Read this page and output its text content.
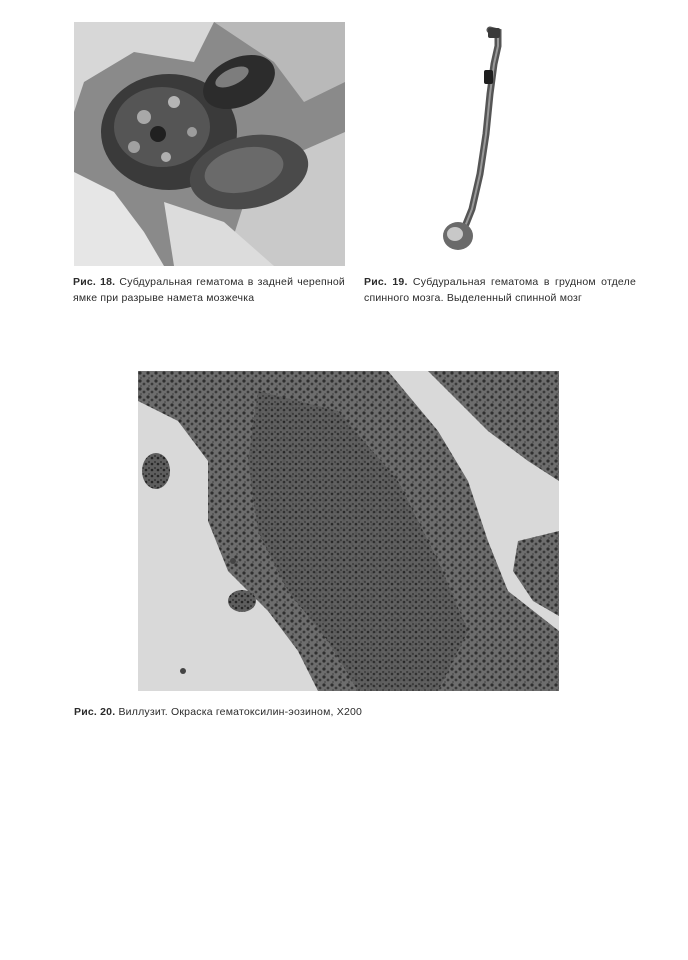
Рис. 18. Субдуральная гематома в задней черепной ямке при разрыве намета мозжечка
Рис. 19. Субдуральная гематома в грудном отделе спинного мозга. Выделенный спинной мозг
Рис. 20. Виллузит. Окраска гематоксилин-эозином, Х200
